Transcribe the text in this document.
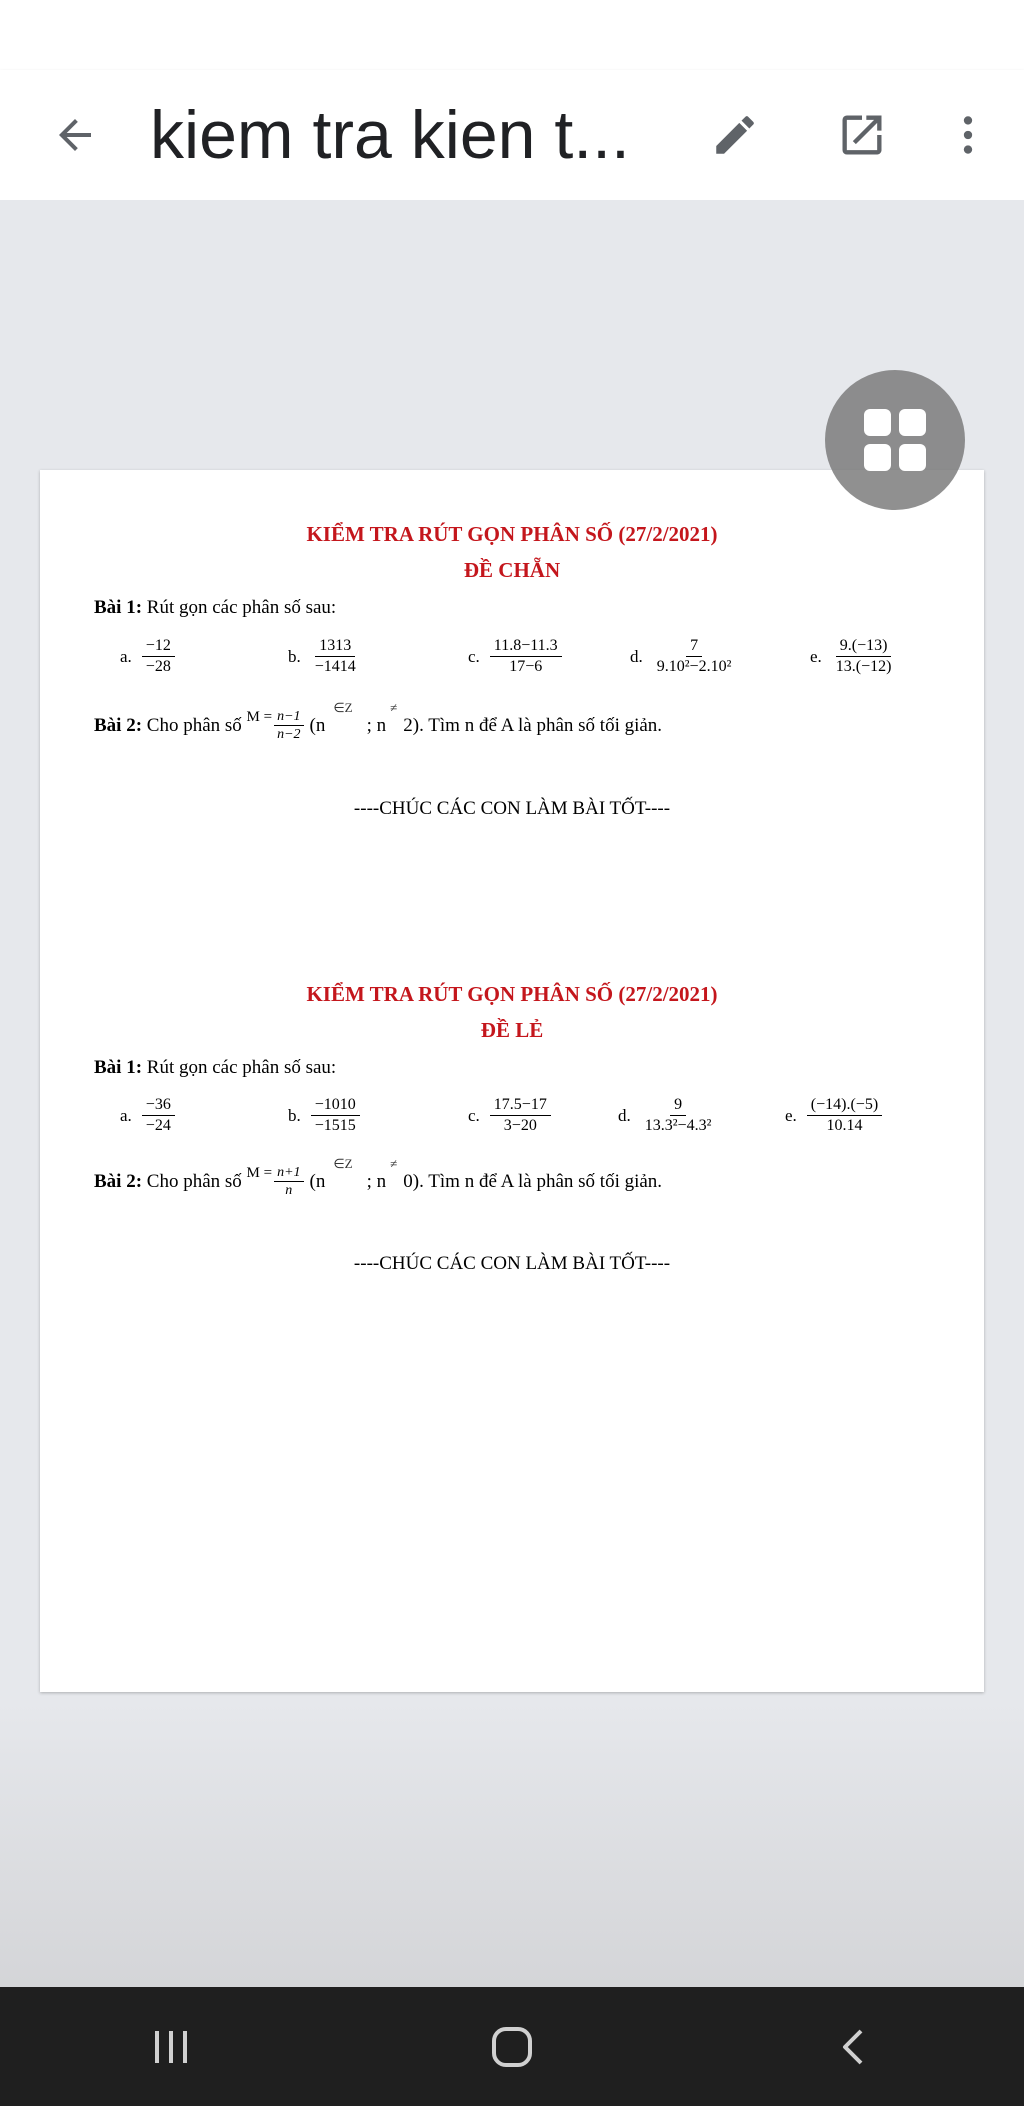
kiem tra kien t...
KIỂM TRA RÚT GỌN PHÂN SỐ (27/2/2021)
ĐỀ CHẴN
Bài 1: Rút gọn các phân số sau:
a. $\frac{-12}{-28}$	b. $\frac{1313}{-1414}$	c. $\frac{11.8-11.3}{17-6}$	d. $\frac{7}{\text{9.10²−2.10²}}$	e. $\frac{9.(-13)}{13.(-12)}$
Bài 2:
Cho phân số
$M = \frac{n-1}{n-2} (n$
∈Z
; n
≠
2). Tìm n để A là phân số tối giản.
----CHÚC CÁC CON LÀM BÀI TỐT----
KIỂM TRA RÚT GỌN PHÂN SỐ (27/2/2021)
ĐỀ LẺ
Bài 1: Rút gọn các phân số sau:
a. $\frac{-36}{-24}$	b. $\frac{-1010}{-1515}$	c. $\frac{17.5-17}{3-20}$	d. $\frac{9}{\text{13.3²−4.3²}}$	e. $\frac{(-14).(-5)}{10.14}$
Bài 2:
Cho phân số
$M = \frac{n+1}{n} (n$
∈Z
; n
≠
0). Tìm n để A là phân số tối giản.
----CHÚC CÁC CON LÀM BÀI TỐT----
